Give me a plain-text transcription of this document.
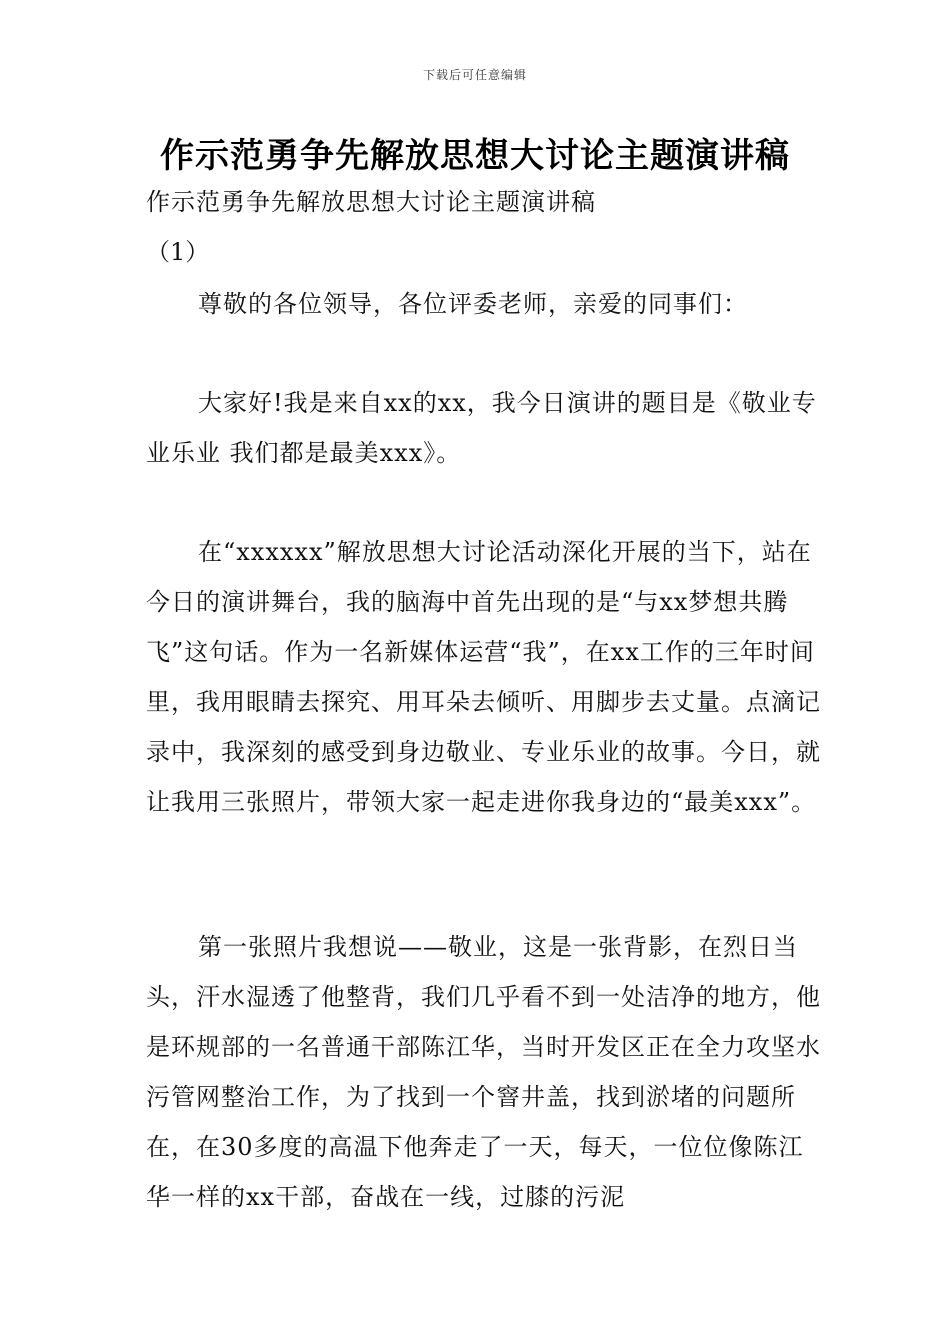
下载后可任意编辑
作示范勇争先解放思想大讨论主题演讲稿
作示范勇争先解放思想大讨论主题演讲稿
（1）

尊敬的各位领导，各位评委老师，亲爱的同事们：

大家好!我是来自xx的xx，我今日演讲的题目是《敬业专业乐业 我们都是最美xxx》。

在“xxxxxx”解放思想大讨论活动深化开展的当下，站在今日的演讲舞台，我的脑海中首先出现的是“与xx梦想共腾飞”这句话。作为一名新媒体运营“我”，在xx工作的三年时间里，我用眼睛去探究、用耳朵去倾听、用脚步去丈量。点滴记录中，我深刻的感受到身边敬业、专业乐业的故事。今日，就让我用三张照片，带领大家一起走进你我身边的“最美xxx”。

第一张照片我想说——敬业，这是一张背影，在烈日当头，汗水湿透了他整背，我们几乎看不到一处洁净的地方，他是环规部的一名普通干部陈江华，当时开发区正在全力攻坚水污管网整治工作，为了找到一个窨井盖，找到淤堵的问题所在，在30多度的高温下他奔走了一天，每天，一位位像陈江华一样的xx干部，奋战在一线，过膝的污泥
